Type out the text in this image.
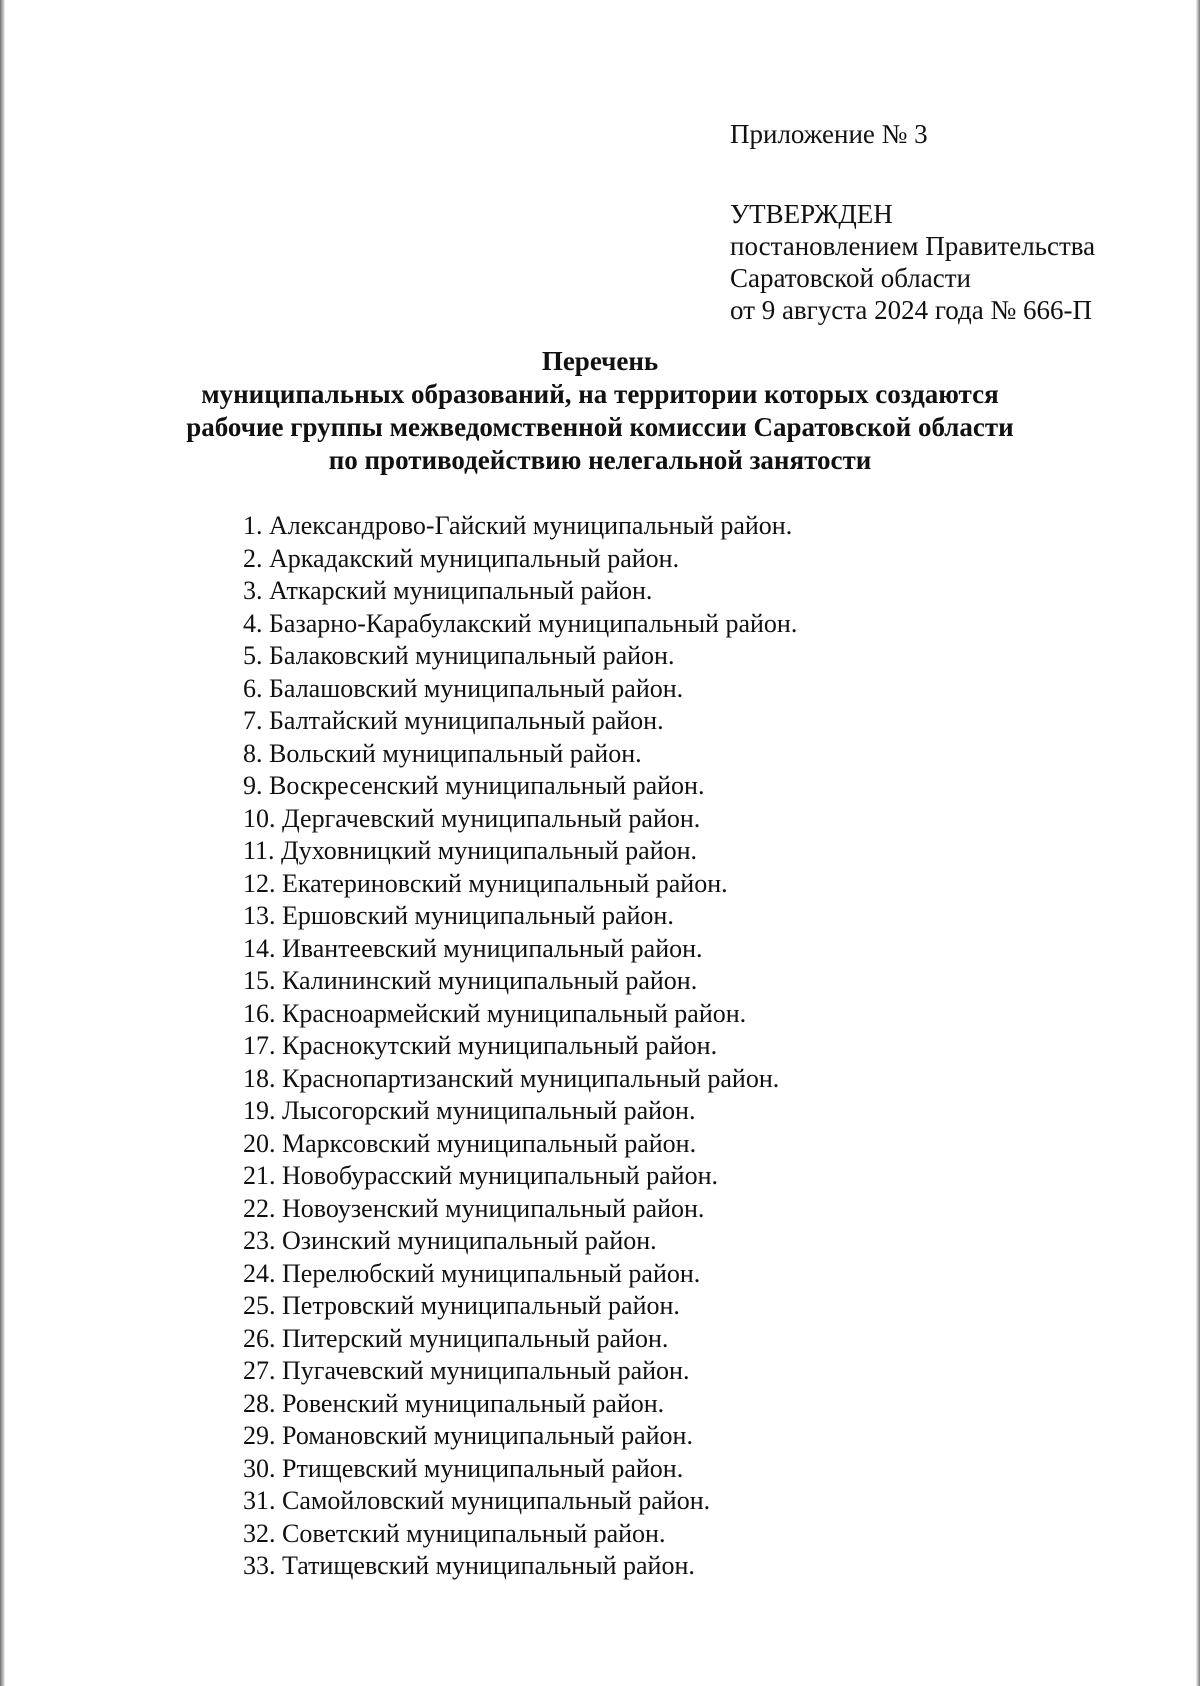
Приложение № 3
УТВЕРЖДЕН
постановлением Правительства
Саратовской области
от 9 августа 2024 года № 666-П
Перечень
муниципальных образований, на территории которых создаются
рабочие группы межведомственной комиссии Саратовской области
по противодействию нелегальной занятости
1. Александрово-Гайский муниципальный район.
2. Аркадакский муниципальный район.
3. Аткарский муниципальный район.
4. Базарно-Карабулакский муниципальный район.
5. Балаковский муниципальный район.
6. Балашовский муниципальный район.
7. Балтайский муниципальный район.
8. Вольский муниципальный район.
9. Воскресенский муниципальный район.
10. Дергачевский муниципальный район.
11. Духовницкий муниципальный район.
12. Екатериновский муниципальный район.
13. Ершовский муниципальный район.
14. Ивантеевский муниципальный район.
15. Калининский муниципальный район.
16. Красноармейский муниципальный район.
17. Краснокутский муниципальный район.
18. Краснопартизанский муниципальный район.
19. Лысогорский муниципальный район.
20. Марксовский муниципальный район.
21. Новобурасский муниципальный район.
22. Новоузенский муниципальный район.
23. Озинский муниципальный район.
24. Перелюбский муниципальный район.
25. Петровский муниципальный район.
26. Питерский муниципальный район.
27. Пугачевский муниципальный район.
28. Ровенский муниципальный район.
29. Романовский муниципальный район.
30. Ртищевский муниципальный район.
31. Самойловский муниципальный район.
32. Советский муниципальный район.
33. Татищевский муниципальный район.
